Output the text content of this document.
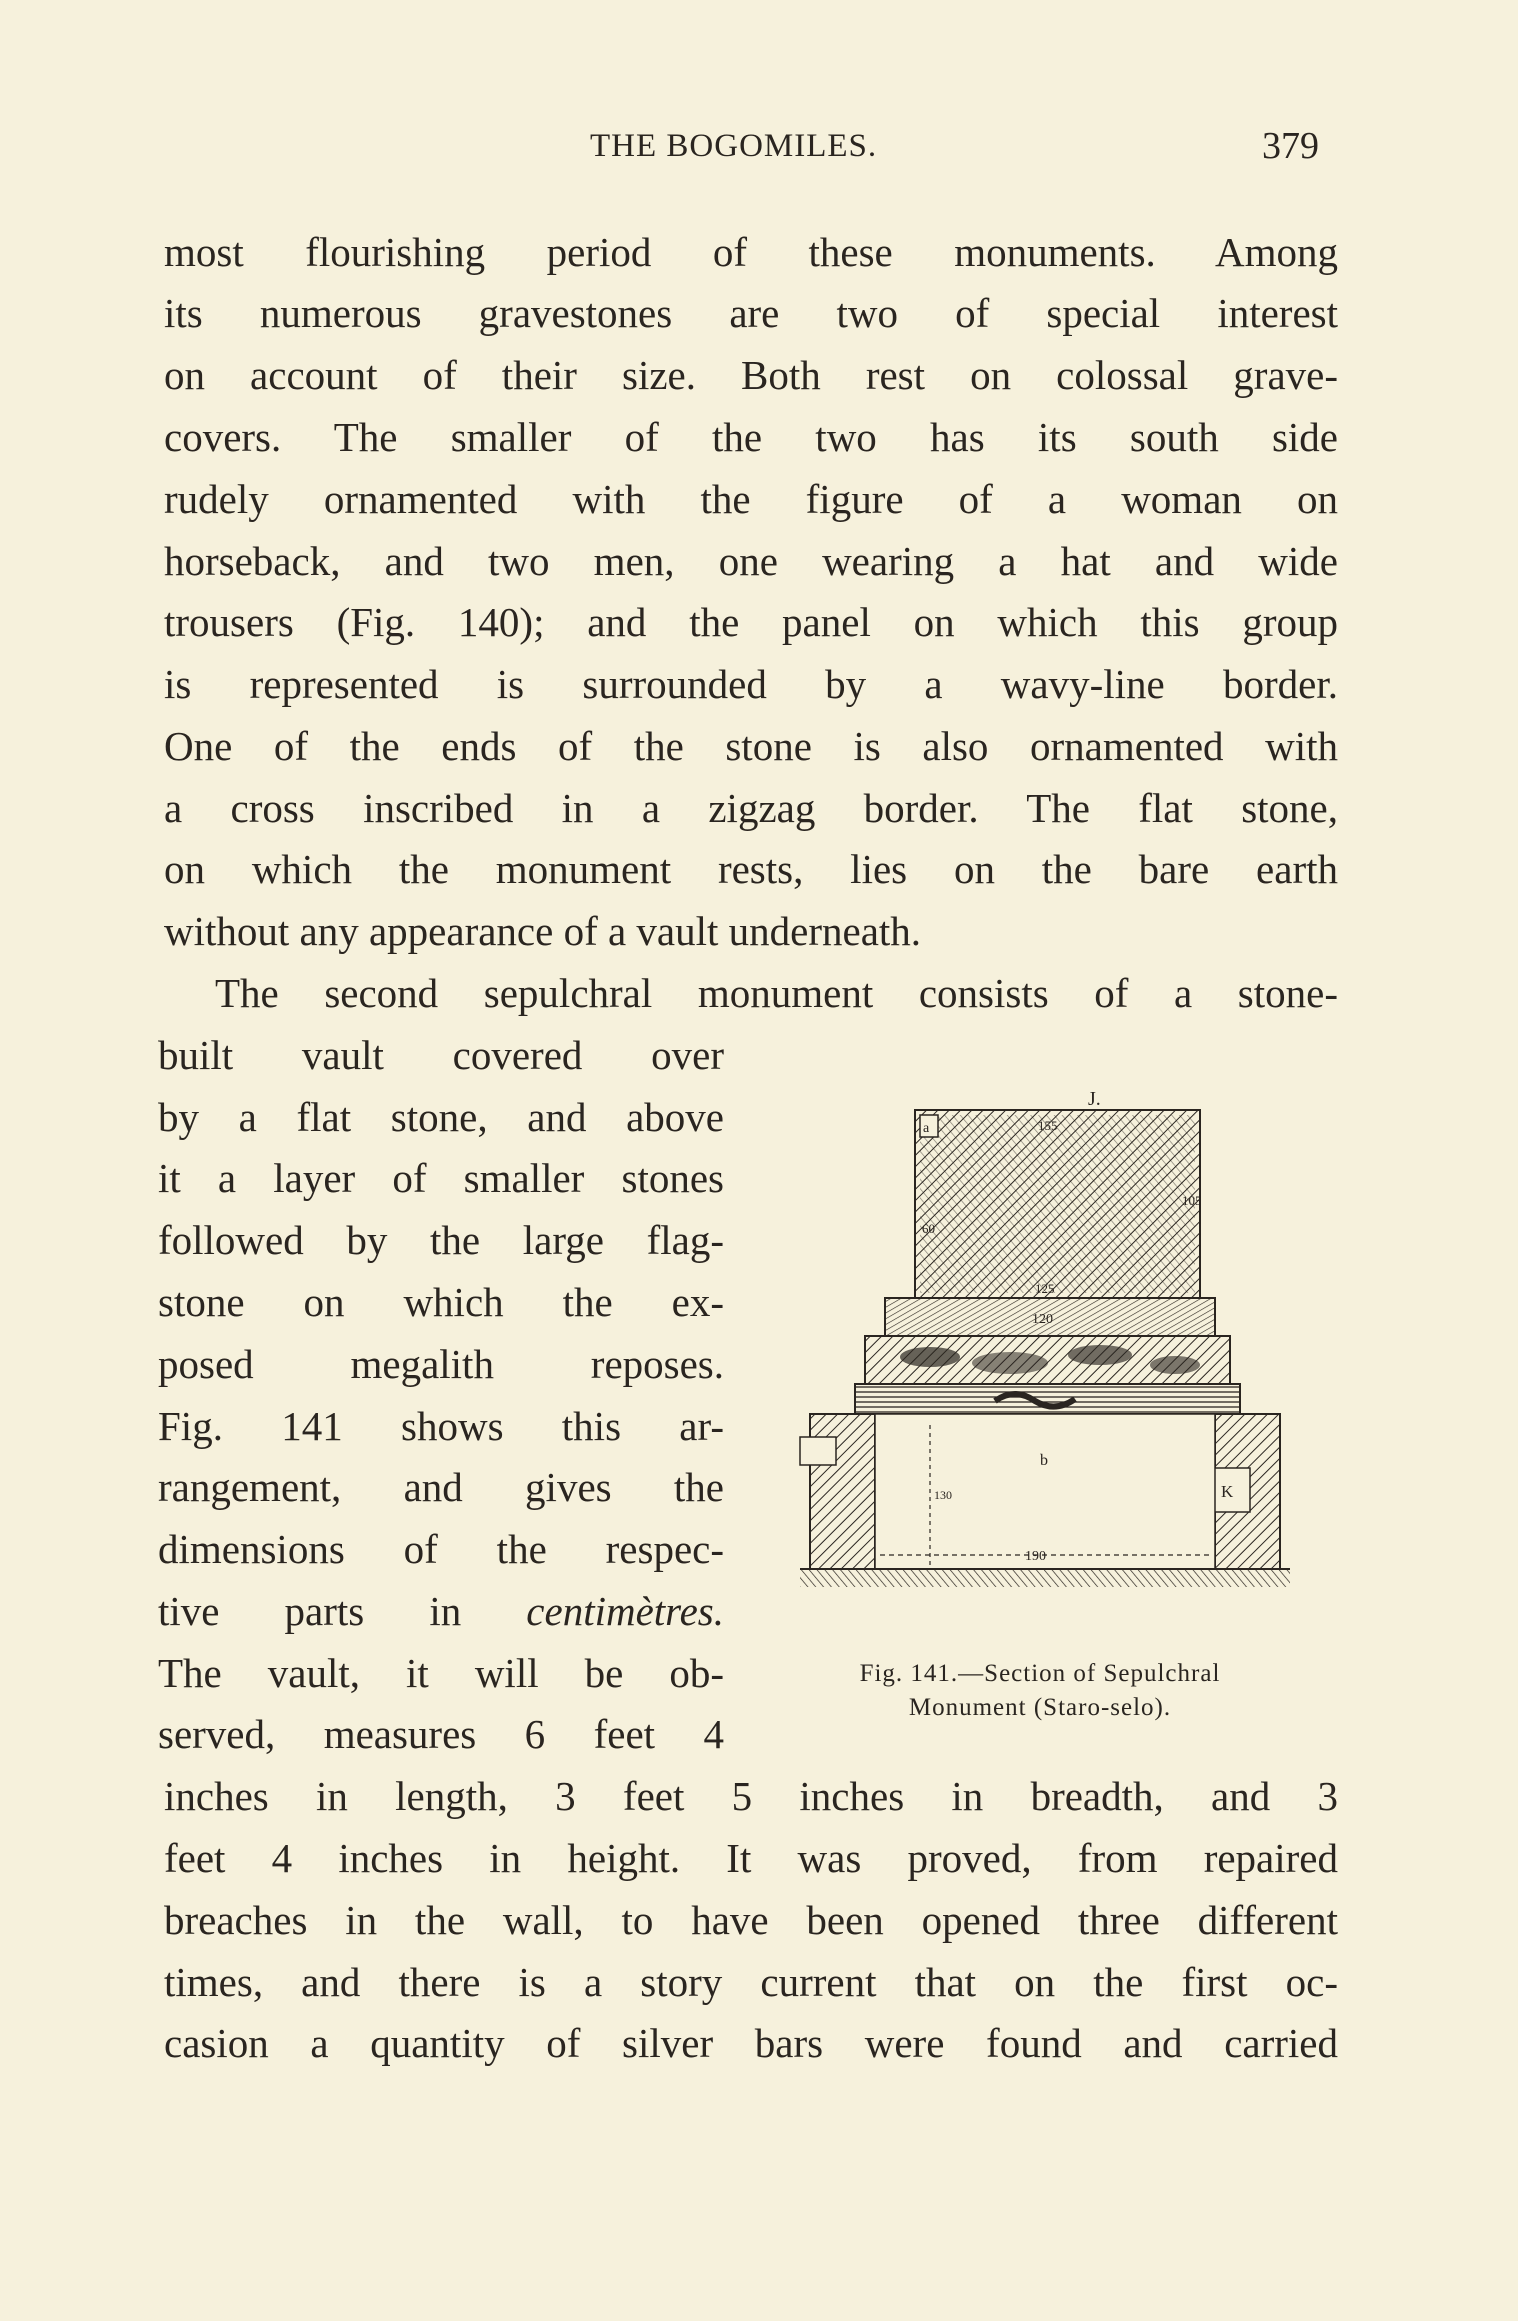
THE BOGOMILES.	379
most flourishing period of these monuments. Among
its numerous gravestones are two of special interest
on account of their size. Both rest on colossal grave-
covers. The smaller of the two has its south side
rudely ornamented with the figure of a woman on
horseback, and two men, one wearing a hat and wide
trousers (Fig. 140); and the panel on which this group
is represented is surrounded by a wavy-line border.
One of the ends of the stone is also ornamented with
a cross inscribed in a zigzag border. The flat stone,
on which the monument rests, lies on the bare earth
without any appearance of a vault underneath.
The second sepulchral monument consists of a stone-
built vault covered over
by a flat stone, and above
it a layer of smaller stones
followed by the large flag-
stone on which the ex-
posed megalith reposes.
Fig. 141 shows this ar-
rangement, and gives the
dimensions of the respec-
tive parts in centimètres.
The vault, it will be ob-
served, measures 6 feet 4
inches in length, 3 feet 5 inches in breadth, and 3
feet 4 inches in height. It was proved, from repaired
breaches in the wall, to have been opened three different
times, and there is a story current that on the first oc-
casion a quantity of silver bars were found and carried
J.
a	155
60
105
125
120
K
b
130
190
Fig. 141.—Section of Sepulchral
Monument (Staro-selo).
